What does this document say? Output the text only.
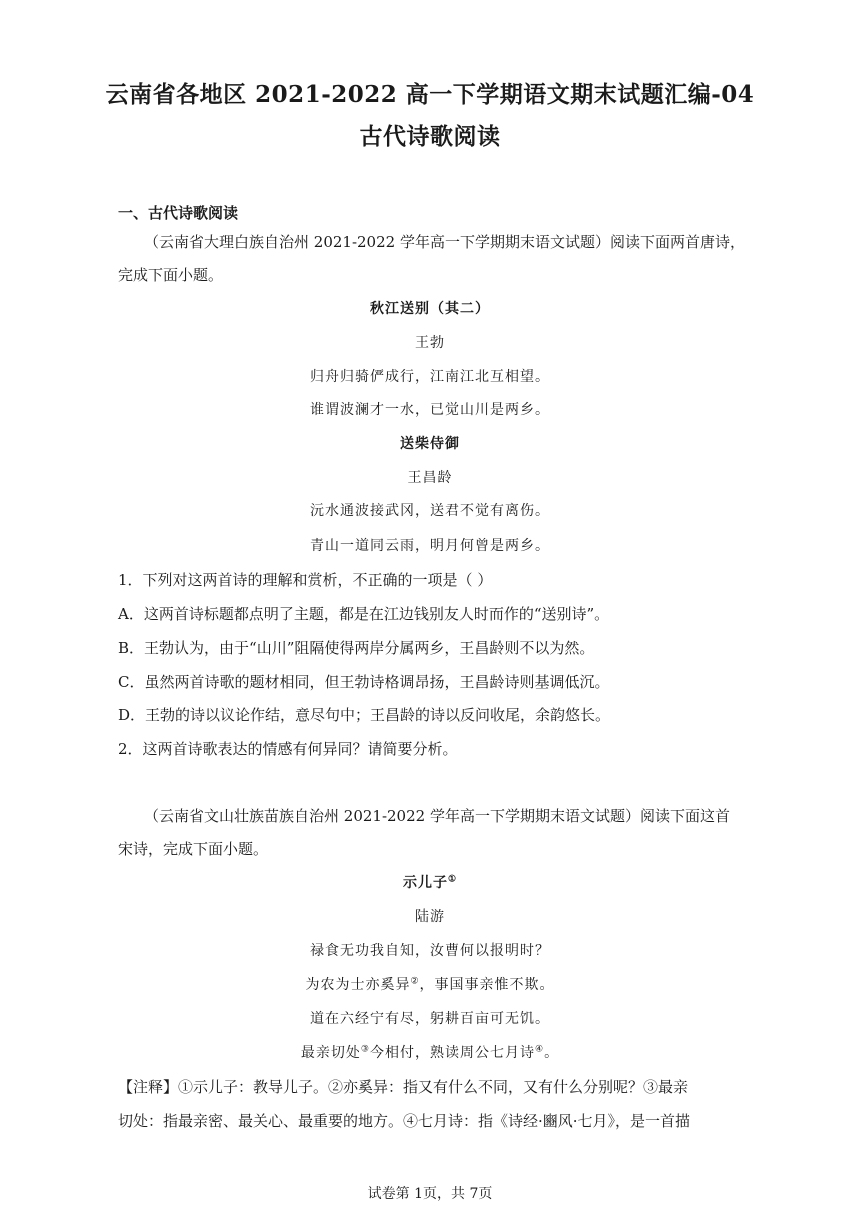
云南省各地区 2021-2022 高一下学期语文期末试题汇编-04
古代诗歌阅读
一、古代诗歌阅读
（云南省大理白族自治州 2021-2022 学年高一下学期期末语文试题）阅读下面两首唐诗，
完成下面小题。
秋江送别（其二）
王勃
归舟归骑俨成行，江南江北互相望。
谁谓波澜才一水，已觉山川是两乡。
送柴侍御
王昌龄
沅水通波接武冈，送君不觉有离伤。
青山一道同云雨，明月何曾是两乡。
1．下列对这两首诗的理解和赏析，不正确的一项是（ ）
A．这两首诗标题都点明了主题，都是在江边钱别友人时而作的“送别诗”。
B．王勃认为，由于“山川”阻隔使得两岸分属两乡，王昌龄则不以为然。
C．虽然两首诗歌的题材相同，但王勃诗格调昂扬，王昌龄诗则基调低沉。
D．王勃的诗以议论作结，意尽句中；王昌龄的诗以反问收尾，余韵悠长。
2．这两首诗歌表达的情感有何异同？请简要分析。
（云南省文山壮族苗族自治州 2021-2022 学年高一下学期期末语文试题）阅读下面这首
宋诗，完成下面小题。
示儿子①
陆游
禄食无功我自知，汝曹何以报明时？
为农为士亦奚异②，事国事亲惟不欺。
道在六经宁有尽，躬耕百亩可无饥。
最亲切处③今相付，熟读周公七月诗④。
【注释】①示儿子：教导儿子。②亦奚异：指又有什么不同，又有什么分别呢？③最亲
切处：指最亲密、最关心、最重要的地方。④七月诗：指《诗经·豳风·七月》，是一首描
试卷第 1页，共 7页
